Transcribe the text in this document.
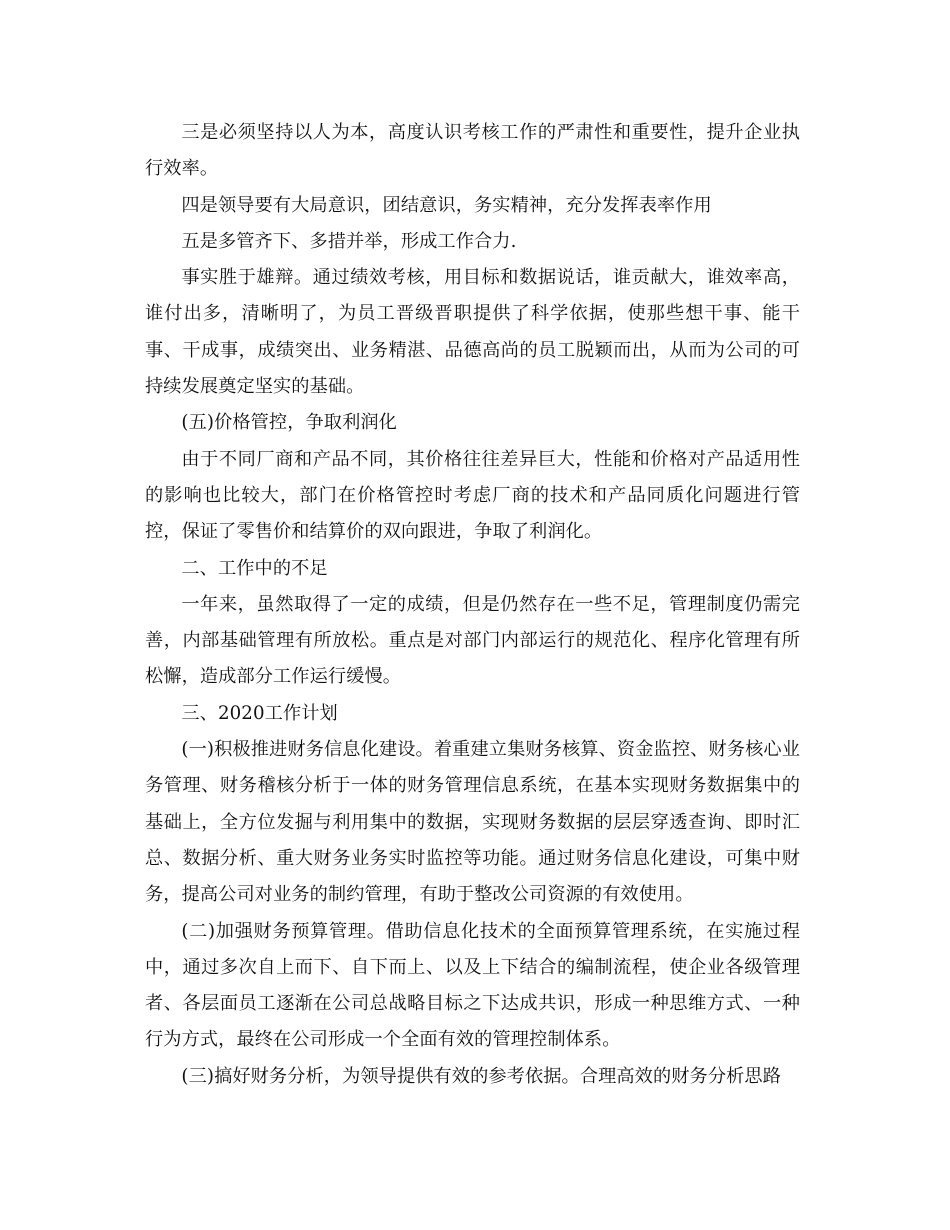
三是必须坚持以人为本，高度认识考核工作的严肃性和重要性，提升企业执行效率。

四是领导要有大局意识，团结意识，务实精神，充分发挥表率作用

五是多管齐下、多措并举，形成工作合力.

事实胜于雄辩。通过绩效考核，用目标和数据说话，谁贡献大，谁效率高，谁付出多，清晰明了，为员工晋级晋职提供了科学依据，使那些想干事、能干事、干成事，成绩突出、业务精湛、品德高尚的员工脱颖而出，从而为公司的可持续发展奠定坚实的基础。

(五)价格管控，争取利润化

由于不同厂商和产品不同，其价格往往差异巨大，性能和价格对产品适用性的影响也比较大，部门在价格管控时考虑厂商的技术和产品同质化问题进行管控，保证了零售价和结算价的双向跟进，争取了利润化。

二、工作中的不足

一年来，虽然取得了一定的成绩，但是仍然存在一些不足，管理制度仍需完善，内部基础管理有所放松。重点是对部门内部运行的规范化、程序化管理有所松懈，造成部分工作运行缓慢。

三、2020工作计划

(一)积极推进财务信息化建设。着重建立集财务核算、资金监控、财务核心业务管理、财务稽核分析于一体的财务管理信息系统，在基本实现财务数据集中的基础上，全方位发掘与利用集中的数据，实现财务数据的层层穿透查询、即时汇总、数据分析、重大财务业务实时监控等功能。通过财务信息化建设，可集中财务，提高公司对业务的制约管理，有助于整改公司资源的有效使用。

(二)加强财务预算管理。借助信息化技术的全面预算管理系统，在实施过程中，通过多次自上而下、自下而上、以及上下结合的编制流程，使企业各级管理者、各层面员工逐渐在公司总战略目标之下达成共识，形成一种思维方式、一种行为方式，最终在公司形成一个全面有效的管理控制体系。

(三)搞好财务分析，为领导提供有效的参考依据。合理高效的财务分析思路
